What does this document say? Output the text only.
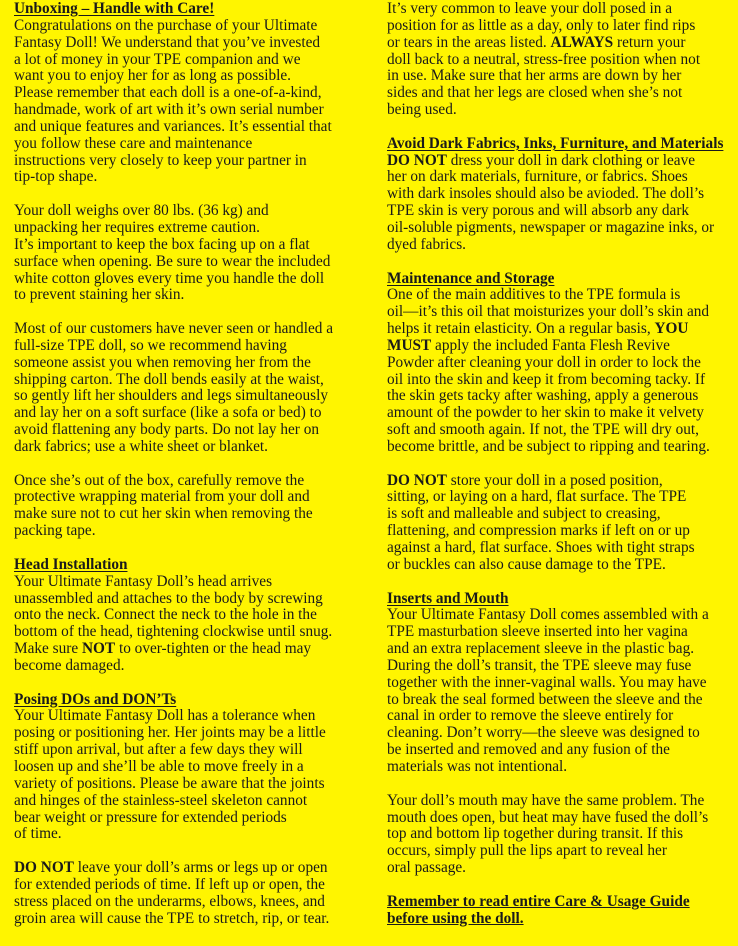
Unboxing – Handle with Care!
Congratulations on the purchase of your Ultimate
Fantasy Doll! We understand that you’ve invested
a lot of money in your TPE companion and we
want you to enjoy her for as long as possible.
Please remember that each doll is a one-of-a-kind,
handmade, work of art with it’s own serial number
and unique features and variances. It’s essential that
you follow these care and maintenance
instructions very closely to keep your partner in
tip-top shape.
Your doll weighs over 80 lbs. (36 kg) and
unpacking her requires extreme caution.
It’s important to keep the box facing up on a flat
surface when opening. Be sure to wear the included
white cotton gloves every time you handle the doll
to prevent staining her skin.
Most of our customers have never seen or handled a
full-size TPE doll, so we recommend having
someone assist you when removing her from the
shipping carton. The doll bends easily at the waist,
so gently lift her shoulders and legs simultaneously
and lay her on a soft surface (like a sofa or bed) to
avoid flattening any body parts. Do not lay her on
dark fabrics; use a white sheet or blanket.
Once she’s out of the box, carefully remove the
protective wrapping material from your doll and
make sure not to cut her skin when removing the
packing tape.
Head Installation
Your Ultimate Fantasy Doll’s head arrives
unassembled and attaches to the body by screwing
onto the neck. Connect the neck to the hole in the
bottom of the head, tightening clockwise until snug.
Make sure NOT to over-tighten or the head may
become damaged.
Posing DOs and DON’Ts
Your Ultimate Fantasy Doll has a tolerance when
posing or positioning her. Her joints may be a little
stiff upon arrival, but after a few days they will
loosen up and she’ll be able to move freely in a
variety of positions. Please be aware that the joints
and hinges of the stainless-steel skeleton cannot
bear weight or pressure for extended periods
of time.
DO NOT leave your doll’s arms or legs up or open
for extended periods of time. If left up or open, the
stress placed on the underarms, elbows, knees, and
groin area will cause the TPE to stretch, rip, or tear.
It’s very common to leave your doll posed in a
position for as little as a day, only to later find rips
or tears in the areas listed. ALWAYS return your
doll back to a neutral, stress-free position when not
in use. Make sure that her arms are down by her
sides and that her legs are closed when she’s not
being used.
Avoid Dark Fabrics, Inks, Furniture, and Materials
DO NOT dress your doll in dark clothing or leave
her on dark materials, furniture, or fabrics. Shoes
with dark insoles should also be avioded. The doll’s
TPE skin is very porous and will absorb any dark
oil-soluble pigments, newspaper or magazine inks, or
dyed fabrics.
Maintenance and Storage
One of the main additives to the TPE formula is
oil—it’s this oil that moisturizes your doll’s skin and
helps it retain elasticity. On a regular basis, YOU
MUST apply the included Fanta Flesh Revive
Powder after cleaning your doll in order to lock the
oil into the skin and keep it from becoming tacky. If
the skin gets tacky after washing, apply a generous
amount of the powder to her skin to make it velvety
soft and smooth again. If not, the TPE will dry out,
become brittle, and be subject to ripping and tearing.
DO NOT store your doll in a posed position,
sitting, or laying on a hard, flat surface. The TPE
is soft and malleable and subject to creasing,
flattening, and compression marks if left on or up
against a hard, flat surface. Shoes with tight straps
or buckles can also cause damage to the TPE.
Inserts and Mouth
Your Ultimate Fantasy Doll comes assembled with a
TPE masturbation sleeve inserted into her vagina
and an extra replacement sleeve in the plastic bag.
During the doll’s transit, the TPE sleeve may fuse
together with the inner-vaginal walls. You may have
to break the seal formed between the sleeve and the
canal in order to remove the sleeve entirely for
cleaning. Don’t worry—the sleeve was designed to
be inserted and removed and any fusion of the
materials was not intentional.
Your doll’s mouth may have the same problem. The
mouth does open, but heat may have fused the doll’s
top and bottom lip together during transit. If this
occurs, simply pull the lips apart to reveal her
oral passage.
Remember to read entire Care & Usage Guide
before using the doll.
